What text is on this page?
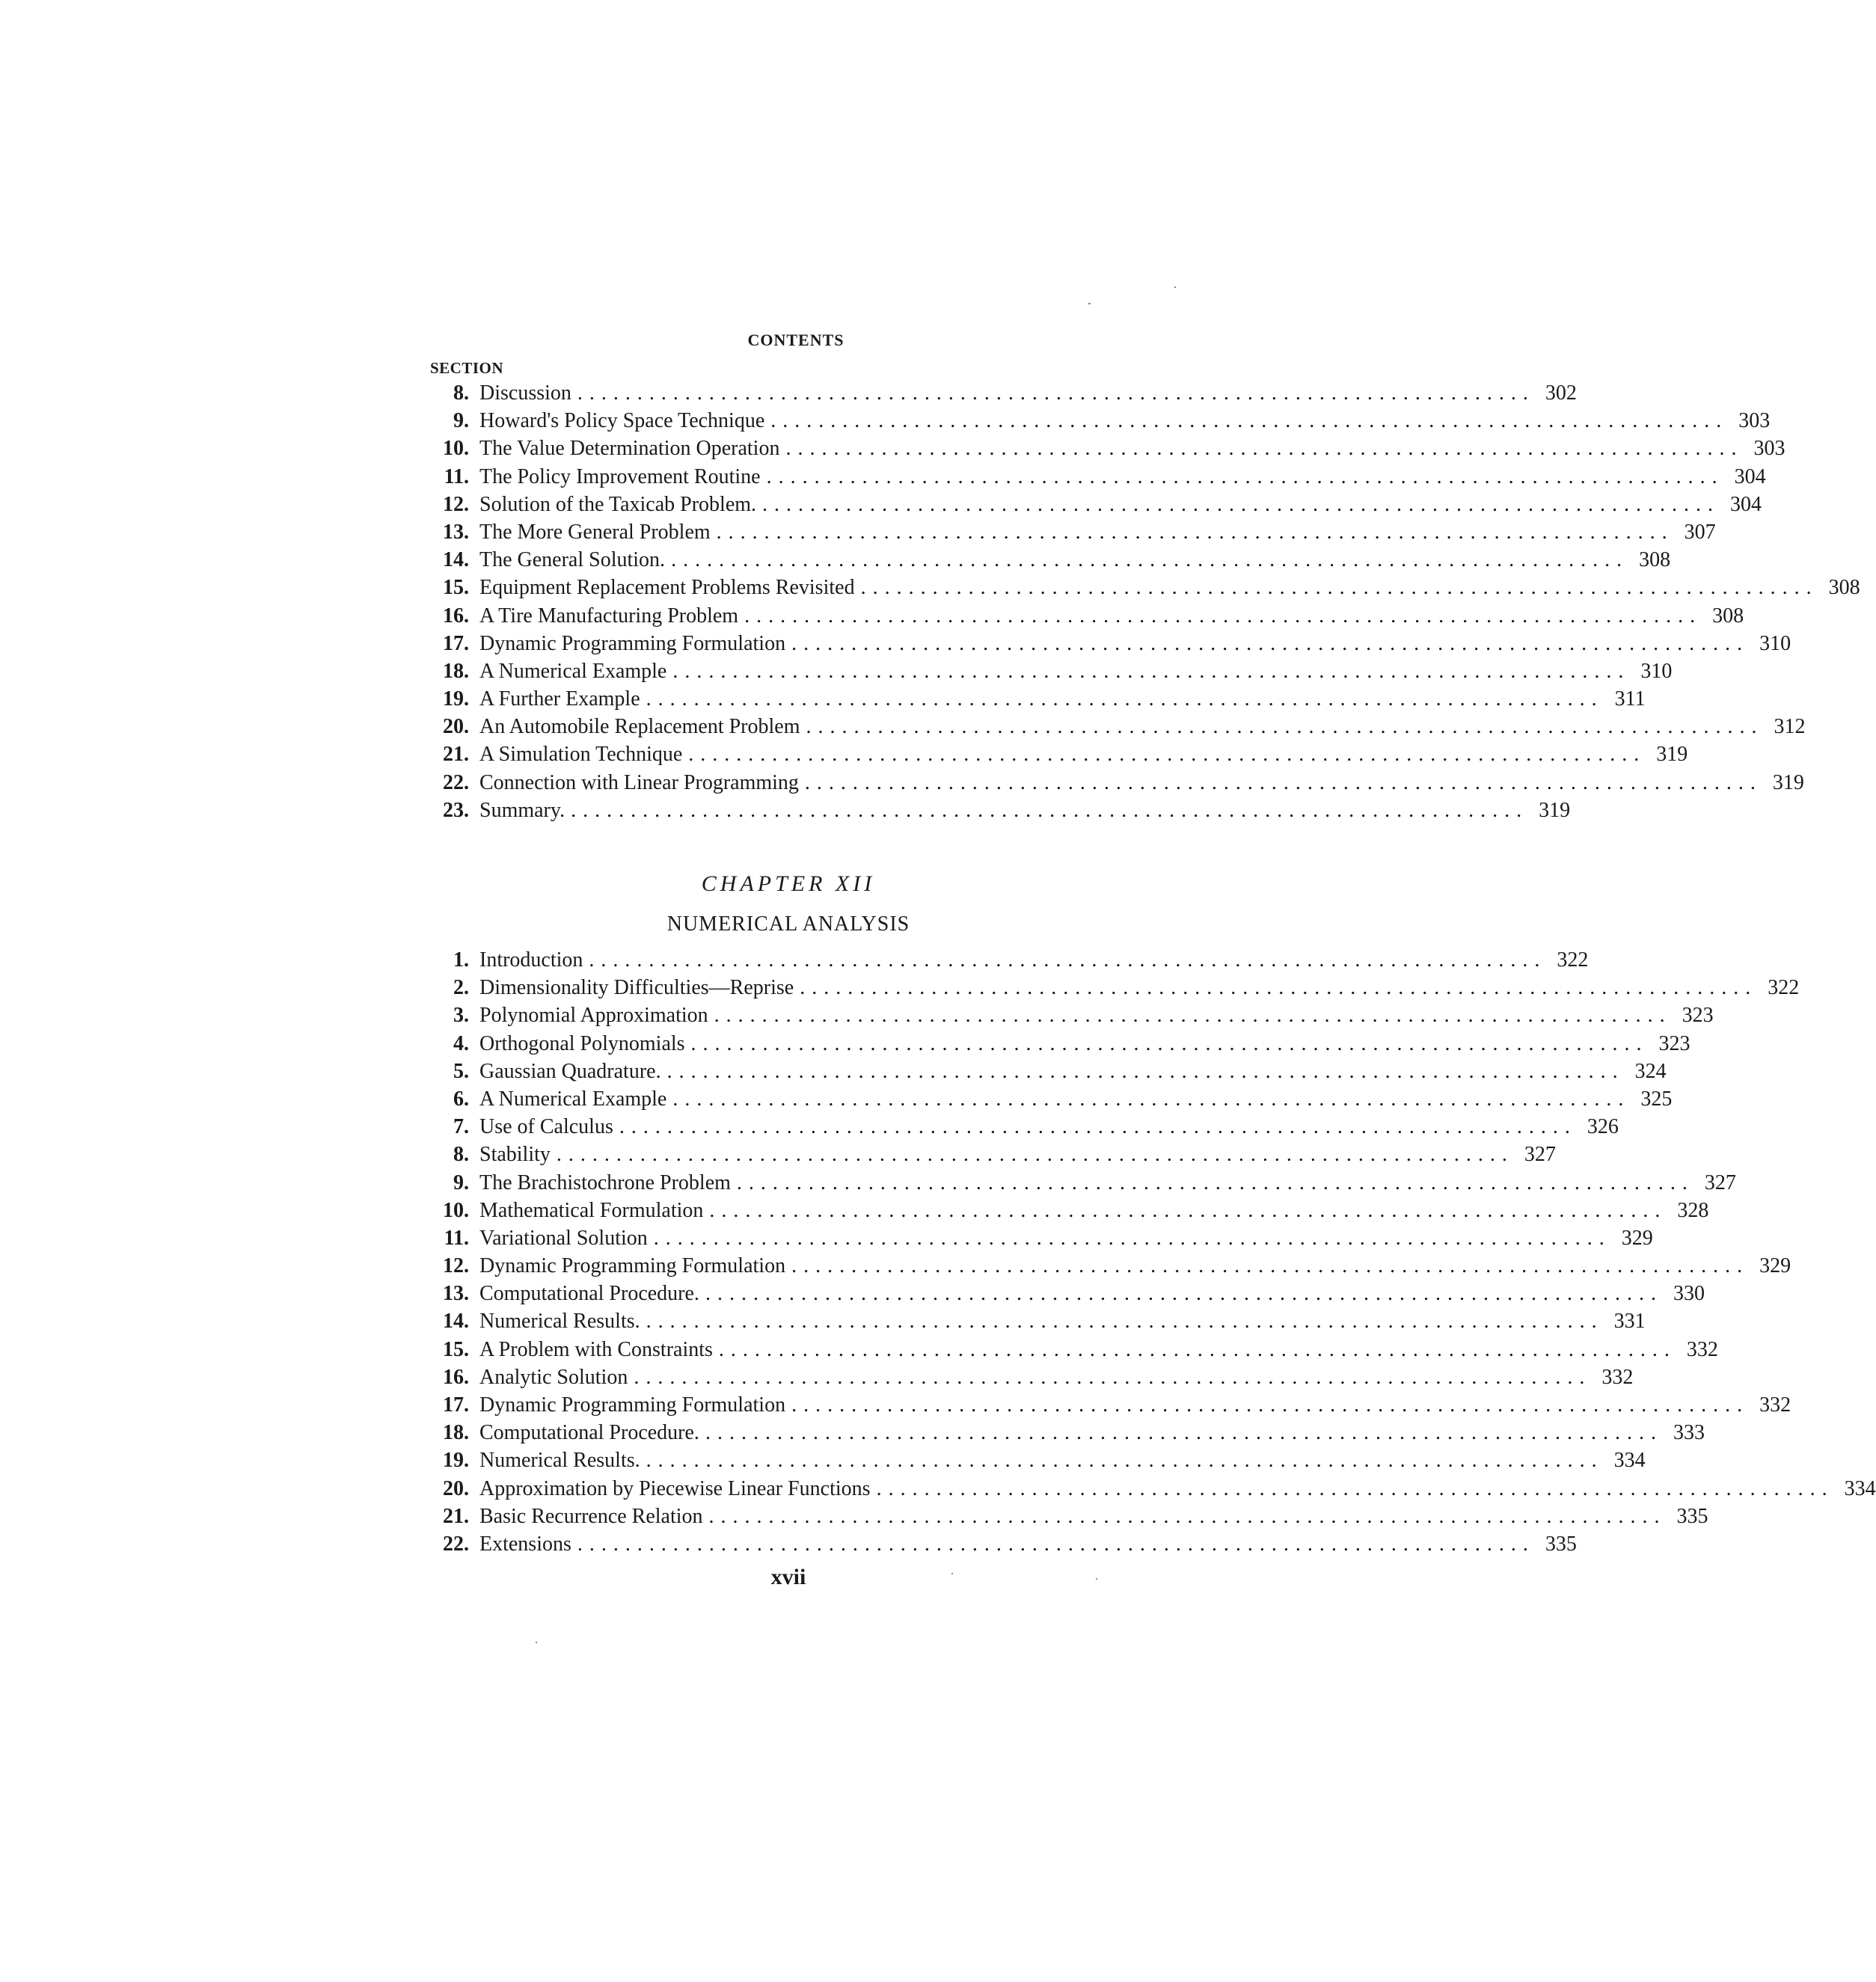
CONTENTS
SECTION
8. Discussion ................................................................................ 302
9. Howard's Policy Space Technique ................................................................................ 303
10. The Value Determination Operation ................................................................................ 303
11. The Policy Improvement Routine ................................................................................ 304
12. Solution of the Taxicab Problem. ................................................................................ 304
13. The More General Problem ................................................................................ 307
14. The General Solution. ................................................................................ 308
15. Equipment Replacement Problems Revisited ................................................................................ 308
16. A Tire Manufacturing Problem ................................................................................ 308
17. Dynamic Programming Formulation ................................................................................ 310
18. A Numerical Example ................................................................................ 310
19. A Further Example ................................................................................ 311
20. An Automobile Replacement Problem ................................................................................ 312
21. A Simulation Technique ................................................................................ 319
22. Connection with Linear Programming ................................................................................ 319
23. Summary. ................................................................................ 319
CHAPTER XII
NUMERICAL ANALYSIS
1. Introduction ................................................................................ 322
2. Dimensionality Difficulties—Reprise ................................................................................ 322
3. Polynomial Approximation ................................................................................ 323
4. Orthogonal Polynomials ................................................................................ 323
5. Gaussian Quadrature. ................................................................................ 324
6. A Numerical Example ................................................................................ 325
7. Use of Calculus ................................................................................ 326
8. Stability ................................................................................ 327
9. The Brachistochrone Problem ................................................................................ 327
10. Mathematical Formulation ................................................................................ 328
11. Variational Solution ................................................................................ 329
12. Dynamic Programming Formulation ................................................................................ 329
13. Computational Procedure. ................................................................................ 330
14. Numerical Results. ................................................................................ 331
15. A Problem with Constraints ................................................................................ 332
16. Analytic Solution ................................................................................ 332
17. Dynamic Programming Formulation ................................................................................ 332
18. Computational Procedure. ................................................................................ 333
19. Numerical Results. ................................................................................ 334
20. Approximation by Piecewise Linear Functions ................................................................................ 334
21. Basic Recurrence Relation ................................................................................ 335
22. Extensions ................................................................................ 335
xvii
